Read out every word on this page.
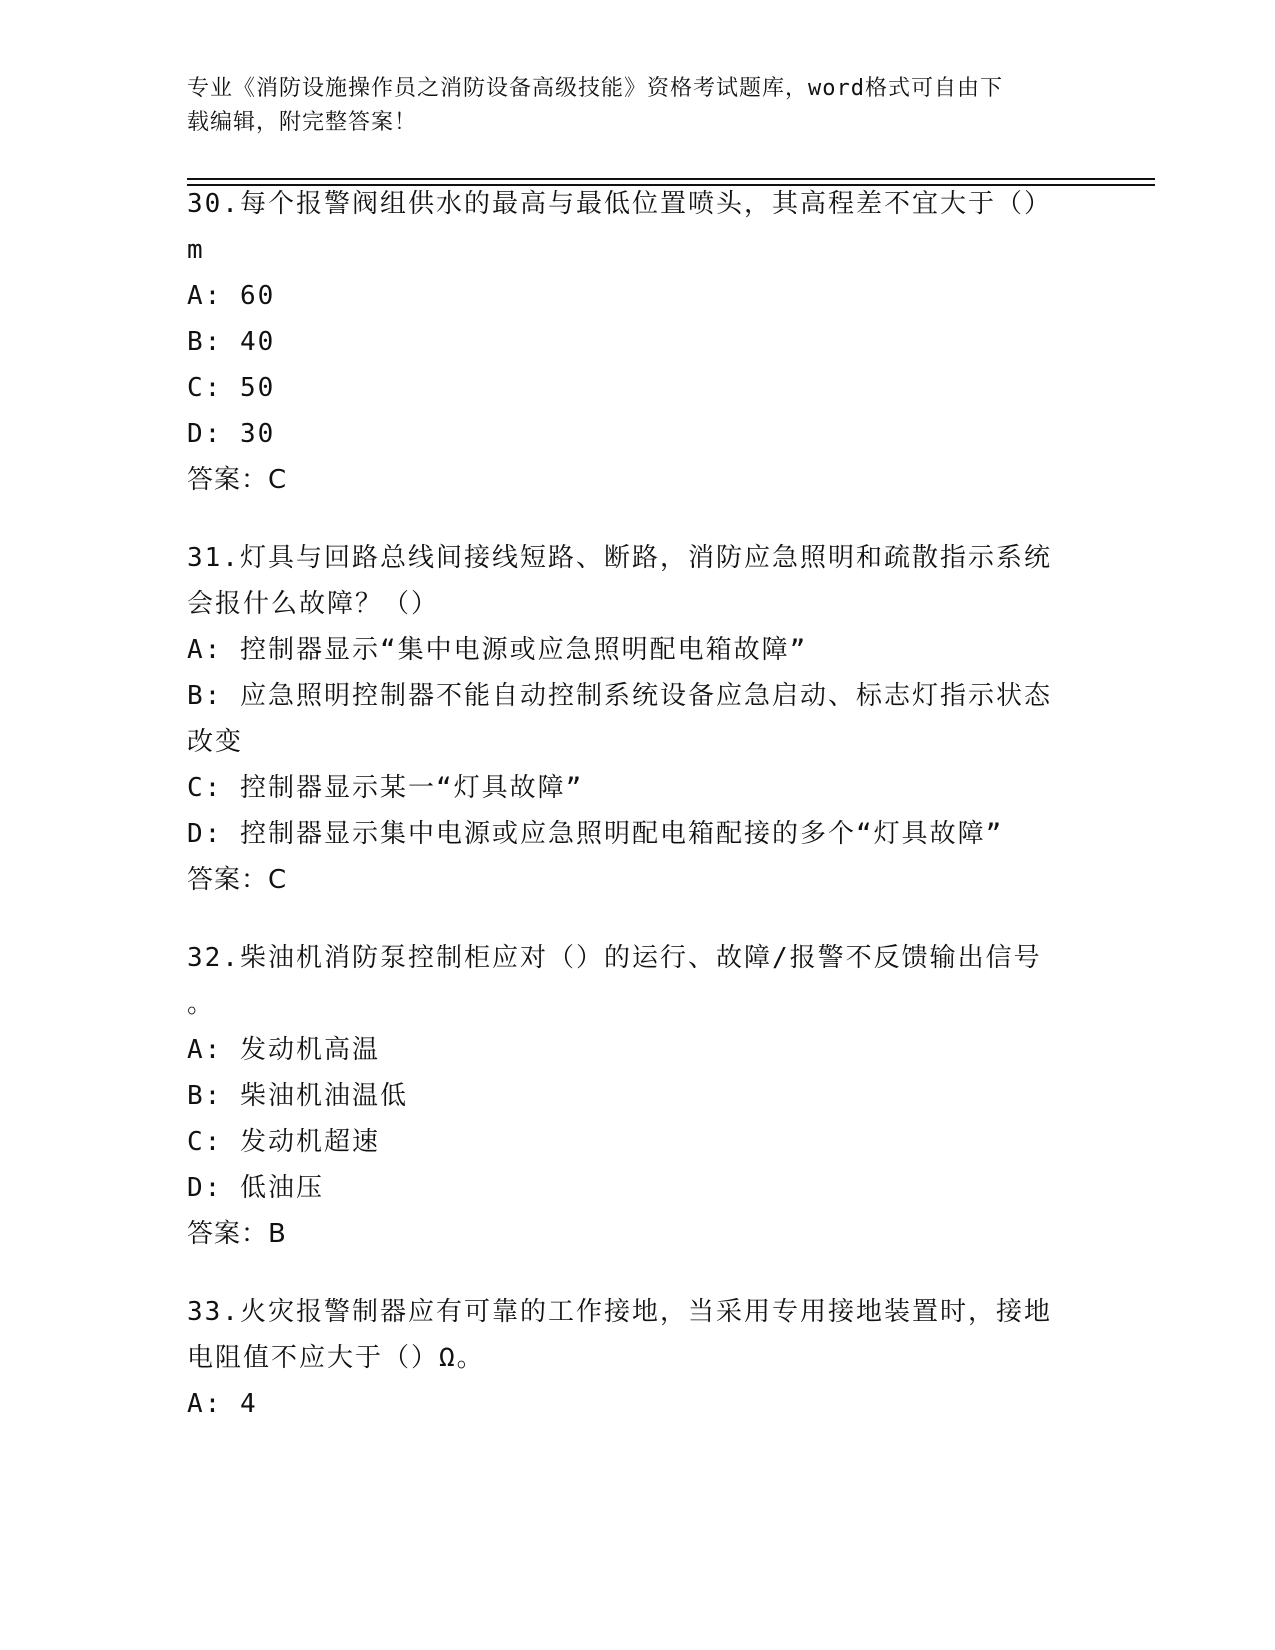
专业《消防设施操作员之消防设备高级技能》资格考试题库，word格式可自由下
载编辑，附完整答案！
30.每个报警阀组供水的最高与最低位置喷头，其高程差不宜大于（）
m
A: 60
B: 40
C: 50
D: 30
答案：C
31.灯具与回路总线间接线短路、断路，消防应急照明和疏散指示系统
会报什么故障？（）
A: 控制器显示“集中电源或应急照明配电箱故障”
B: 应急照明控制器不能自动控制系统设备应急启动、标志灯指示状态
改变
C: 控制器显示某一“灯具故障”
D: 控制器显示集中电源或应急照明配电箱配接的多个“灯具故障”
答案：C
32.柴油机消防泵控制柜应对（）的运行、故障/报警不反馈输出信号
。
A: 发动机高温
B: 柴油机油温低
C: 发动机超速
D: 低油压
答案：B
33.火灾报警制器应有可靠的工作接地，当采用专用接地装置时，接地
电阻值不应大于（）Ω。
A: 4
